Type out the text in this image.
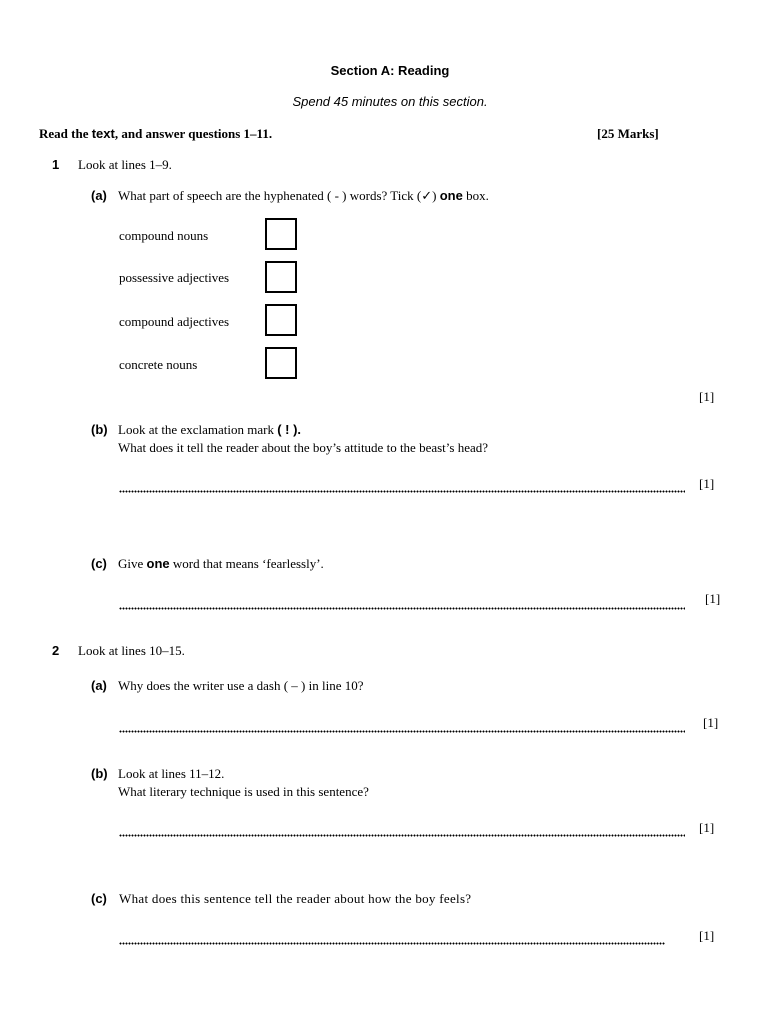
Section A: Reading
Spend 45 minutes on this section.
Read the text, and answer questions 1–11.	[25 Marks]
1 Look at lines 1–9.
(a) What part of speech are the hyphenated ( - ) words? Tick (✓) one box.
compound nouns
possessive adjectives
compound adjectives
concrete nouns
[1]
(b) Look at the exclamation mark ( ! ).
What does it tell the reader about the boy’s attitude to the beast’s head?
[1]
(c) Give one word that means ‘fearlessly’.
[1]
2 Look at lines 10–15.
(a) Why does the writer use a dash ( – ) in line 10?
[1]
(b) Look at lines 11–12.
What literary technique is used in this sentence?
[1]
(c) What does this sentence tell the reader about how the boy feels?
[1]
